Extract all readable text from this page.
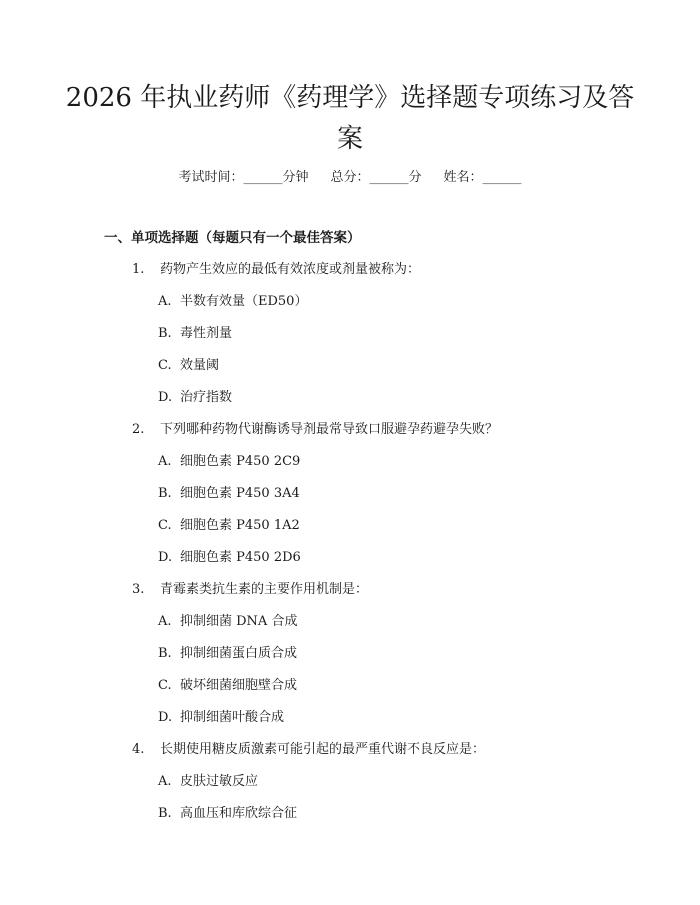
2026 年执业药师《药理学》选择题专项练习及答案
考试时间：______分钟 总分：______分 姓名：______
一、单项选择题（每题只有一个最佳答案）
1. 药物产生效应的最低有效浓度或剂量被称为：
A. 半数有效量（ED50）
B. 毒性剂量
C. 效量阈
D. 治疗指数
2. 下列哪种药物代谢酶诱导剂最常导致口服避孕药避孕失败？
A. 细胞色素 P450 2C9
B. 细胞色素 P450 3A4
C. 细胞色素 P450 1A2
D. 细胞色素 P450 2D6
3. 青霉素类抗生素的主要作用机制是：
A. 抑制细菌 DNA 合成
B. 抑制细菌蛋白质合成
C. 破坏细菌细胞壁合成
D. 抑制细菌叶酸合成
4. 长期使用糖皮质激素可能引起的最严重代谢不良反应是：
A. 皮肤过敏反应
B. 高血压和库欣综合征
